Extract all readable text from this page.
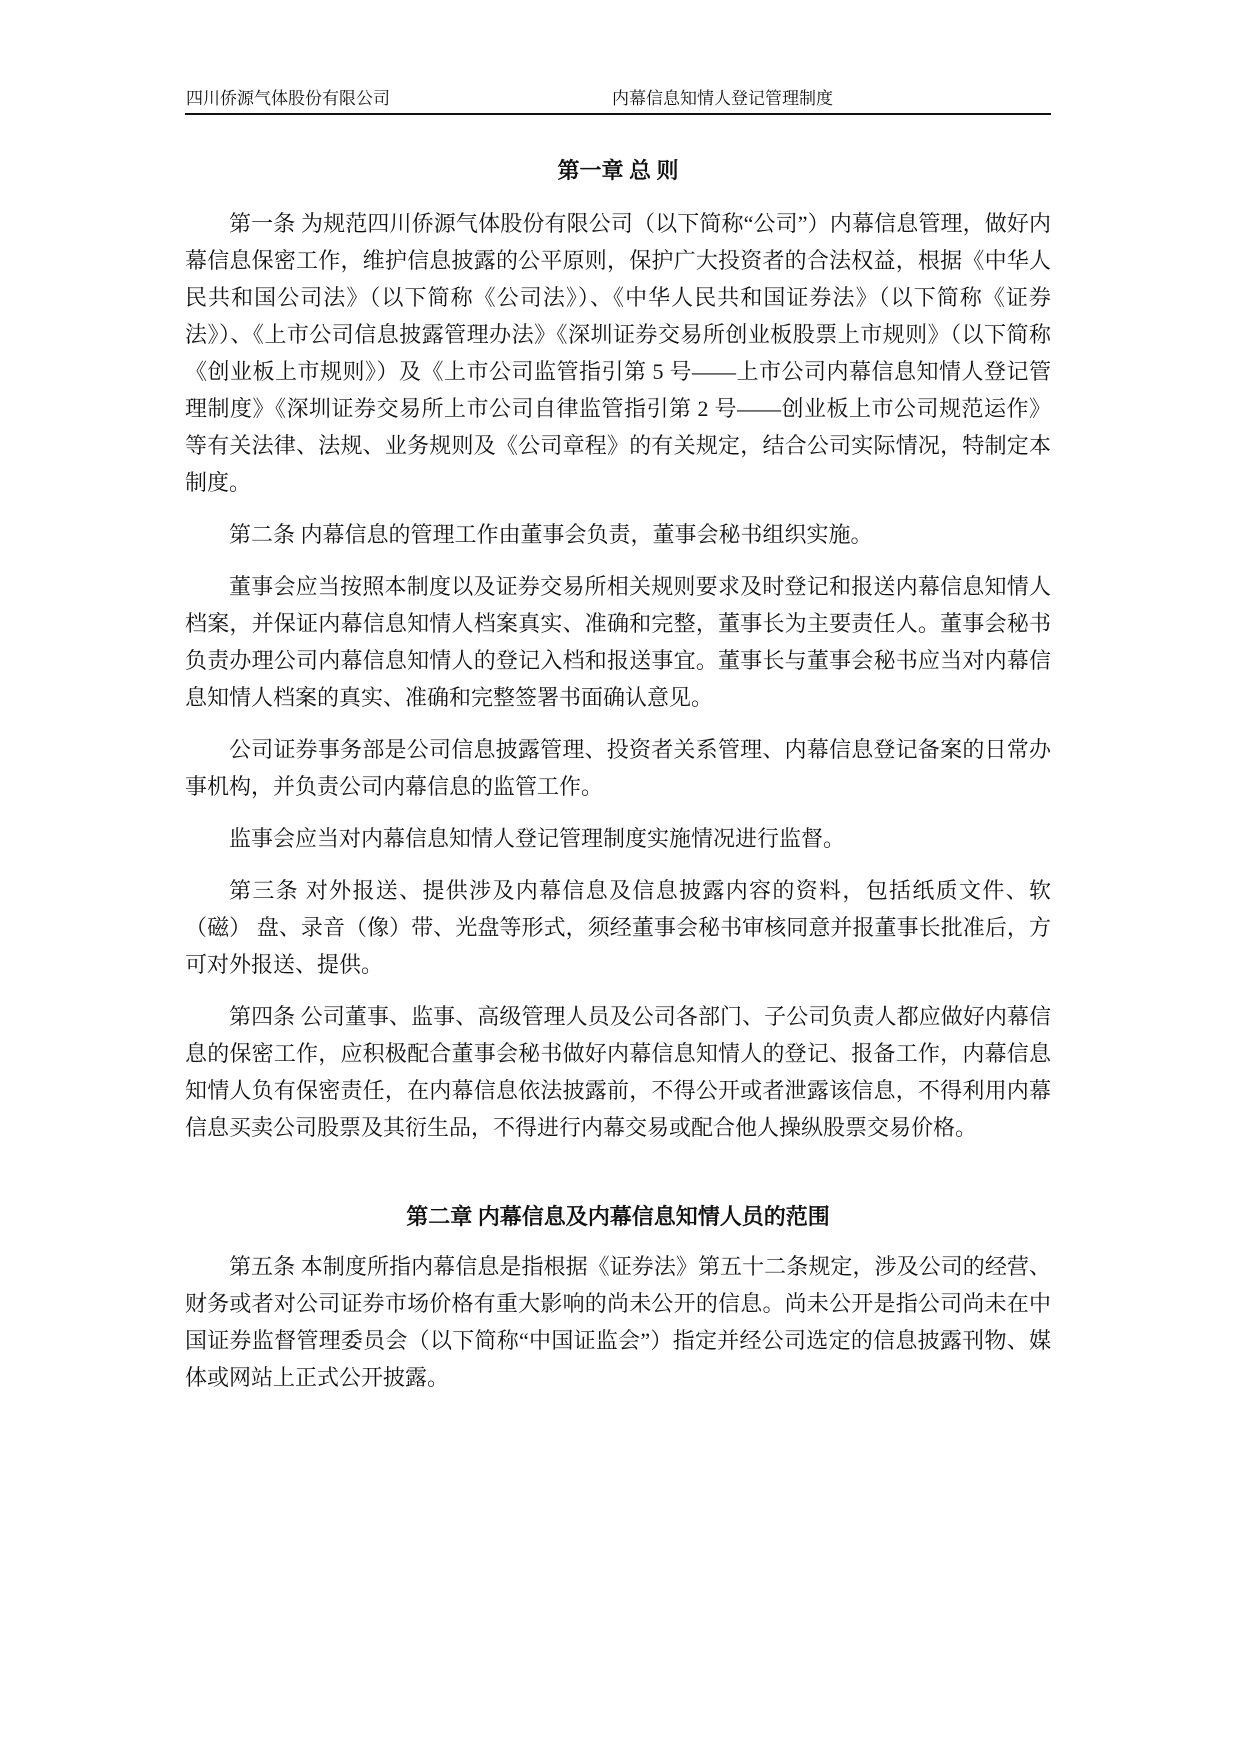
四川侨源气体股份有限公司	内幕信息知情人登记管理制度
第一章 总 则

第一条 为规范四川侨源气体股份有限公司（以下简称“公司”）内幕信息管理，做好内幕信息保密工作，维护信息披露的公平原则，保护广大投资者的合法权益，根据《中华人民共和国公司法》（以下简称《公司法》）、《中华人民共和国证券法》（以下简称《证券法》）、《上市公司信息披露管理办法》《深圳证券交易所创业板股票上市规则》（以下简称《创业板上市规则》）及《上市公司监管指引第 5 号——上市公司内幕信息知情人登记管理制度》《深圳证券交易所上市公司自律监管指引第 2 号——创业板上市公司规范运作》等有关法律、法规、业务规则及《公司章程》的有关规定，结合公司实际情况，特制定本制度。

第二条 内幕信息的管理工作由董事会负责，董事会秘书组织实施。

董事会应当按照本制度以及证券交易所相关规则要求及时登记和报送内幕信息知情人档案，并保证内幕信息知情人档案真实、准确和完整，董事长为主要责任人。董事会秘书负责办理公司内幕信息知情人的登记入档和报送事宜。董事长与董事会秘书应当对内幕信息知情人档案的真实、准确和完整签署书面确认意见。

公司证券事务部是公司信息披露管理、投资者关系管理、内幕信息登记备案的日常办事机构，并负责公司内幕信息的监管工作。

监事会应当对内幕信息知情人登记管理制度实施情况进行监督。

第三条 对外报送、提供涉及内幕信息及信息披露内容的资料，包括纸质文件、软（磁） 盘、录音（像）带、光盘等形式，须经董事会秘书审核同意并报董事长批准后，方可对外报送、提供。

第四条 公司董事、监事、高级管理人员及公司各部门、子公司负责人都应做好内幕信息的保密工作，应积极配合董事会秘书做好内幕信息知情人的登记、报备工作，内幕信息知情人负有保密责任，在内幕信息依法披露前，不得公开或者泄露该信息，不得利用内幕信息买卖公司股票及其衍生品，不得进行内幕交易或配合他人操纵股票交易价格。

第二章 内幕信息及内幕信息知情人员的范围

第五条 本制度所指内幕信息是指根据《证券法》第五十二条规定，涉及公司的经营、财务或者对公司证券市场价格有重大影响的尚未公开的信息。尚未公开是指公司尚未在中国证券监督管理委员会（以下简称“中国证监会”）指定并经公司选定的信息披露刊物、媒体或网站上正式公开披露。
